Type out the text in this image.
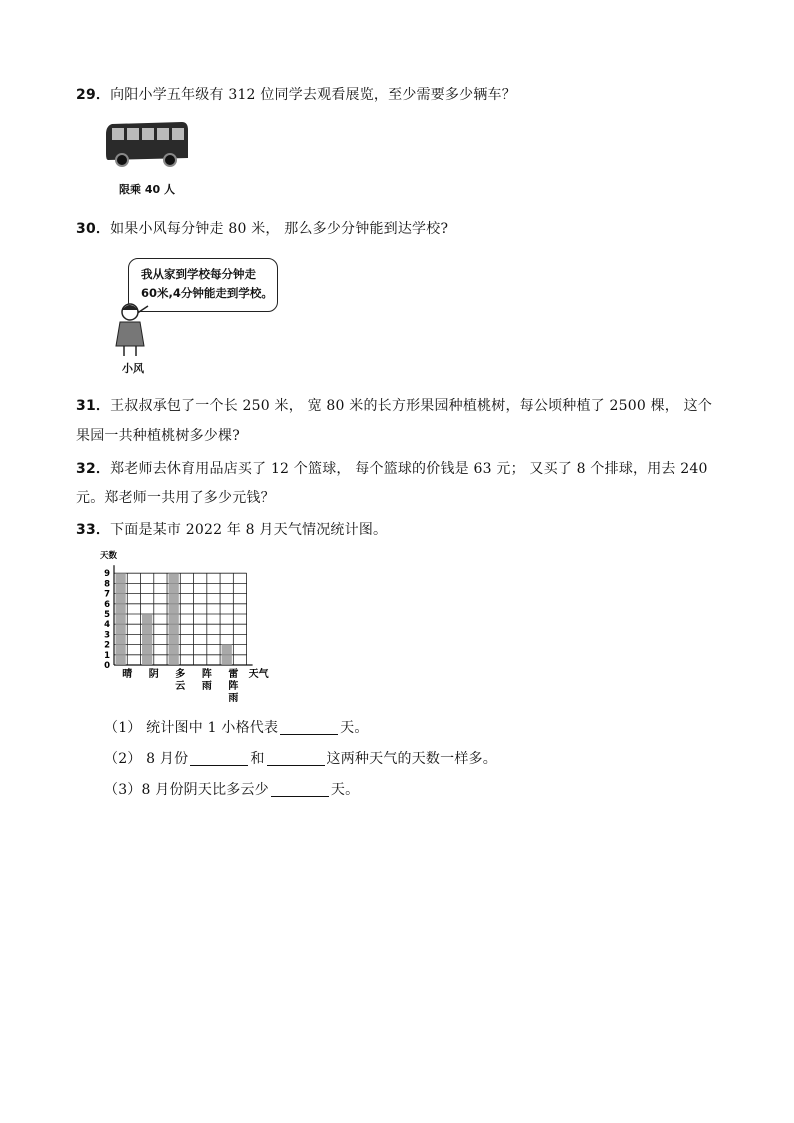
29．向阳小学五年级有 312 位同学去观看展览，至少需要多少辆车？
限乘 40 人
30．如果小风每分钟走 80 米， 那么多少分钟能到达学校?
我从家到学校每分钟走
60米,4分钟能走到学校。
小风
31．王叔叔承包了一个长 250 米， 宽 80 米的长方形果园种植桃树，每公顷种植了 2500 棵， 这个
果园一共种植桃树多少棵?
32．郑老师去休育用品店买了 12 个篮球， 每个篮球的价钱是 63 元； 又买了 8 个排球，用去 240
元。郑老师一共用了多少元钱？
33．下面是某市 2022 年 8 月天气情况统计图。
0
1
2
3
4
5
6
7
8
9
天数
晴 阴 多
云
阵
雨
雷
阵
雨
天气
（1） 统计图中 1 小格代表	天。
（2） 8 月份	和	这两种天气的天数一样多。
（3）8 月份阴天比多云少	天。
